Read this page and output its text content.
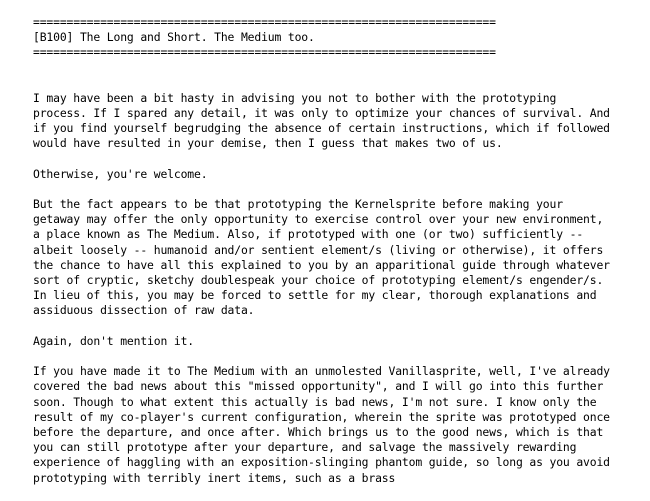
=====================================================================
[B100] The Long and Short. The Medium too.
=====================================================================

I may have been a bit hasty in advising you not to bother with the prototyping process. If I spared any detail, it was only to optimize your chances of survival. And if you find yourself begrudging the absence of certain instructions, which if followed would have resulted in your demise, then I guess that makes two of us.

Otherwise, you're welcome.

But the fact appears to be that prototyping the Kernelsprite before making your getaway may offer the only opportunity to exercise control over your new environment, a place known as The Medium. Also, if prototyped with one (or two) sufficiently -- albeit loosely -- humanoid and/or sentient element/s (living or otherwise), it offers the chance to have all this explained to you by an apparitional guide through whatever sort of cryptic, sketchy doublespeak your choice of prototyping element/s engender/s. In lieu of this, you may be forced to settle for my clear, thorough explanations and assiduous dissection of raw data.

Again, don't mention it.

If you have made it to The Medium with an unmolested Vanillasprite, well, I've already covered the bad news about this "missed opportunity", and I will go into this further soon. Though to what extent this actually is bad news, I'm not sure. I know only the result of my co-player's current configuration, wherein the sprite was prototyped once before the departure, and once after. Which brings us to the good news, which is that you can still prototype after your departure, and salvage the massively rewarding experience of haggling with an exposition-slinging phantom guide, so long as you avoid prototyping with terribly inert items, such as a brass
